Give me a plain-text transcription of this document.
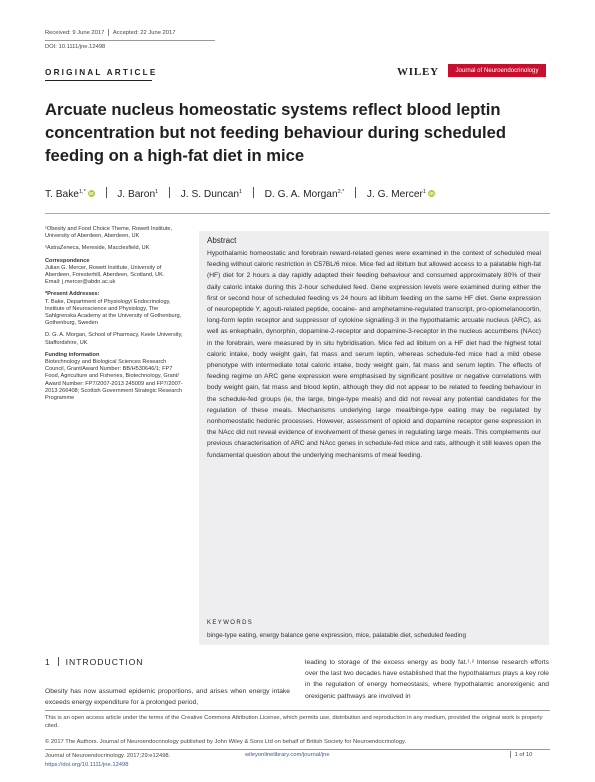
Received: 9 June 2017 Accepted: 22 June 2017
DOI: 10.1111/jne.12498
ORIGINAL ARTICLE	WILEY	Journal of Neuroendocrinology
Arcuate nucleus homeostatic systems reflect blood leptin concentration but not feeding behaviour during scheduled feeding on a high-fat diet in mice
T. Bake$^{1,*}$ iD J. Baron$^1$ J. S. Duncan$^1$ D. G. A. Morgan$^{2,*}$ J. G. Mercer$^1$ iD

¹Obesity and Food Choice Theme, Rowett Institute, University of Aberdeen, Aberdeen, UK

²AstraZeneca, Mereside, Macclesfield, UK

Correspondence

Julian G. Mercer, Rowett Institute, University of Aberdeen, Foresterhill, Aberdeen, Scotland, UK.

Email: j.mercer@abdn.ac.uk

*Present Addresses:

T. Bake, Department of Physiology/ Endocrinology, Institute of Neuroscience and Physiology, The Sahlgrenska Academy at the University of Gothenburg, Gothenburg, Sweden

D. G. A. Morgan, School of Pharmacy, Keele University, Staffordshire, UK

Funding information

Biotechnology and Biological Sciences Research Council, Grant/Award Number: BB/H530646/1; FP7 Food, Agriculture and Fisheries, Biotechnology, Grant/ Award Number: FP7/2007-2013 245009 and FP7/2007-2013 266408; Scottish Government Strategic Research Programme

Abstract
Hypothalamic homeostatic and forebrain reward-related genes were examined in the context of scheduled meal feeding without caloric restriction in C57BL/6 mice. Mice fed ad libitum but allowed access to a palatable high-fat (HF) diet for 2 hours a day rapidly adapted their feeding behaviour and consumed approximately 80% of their daily caloric intake during this 2-hour scheduled feed. Gene expression levels were examined during either the first or second hour of scheduled feeding vs 24 hours ad libitum feeding on the same HF diet. Gene expression of neuropeptide Y, agouti-related peptide, cocaine- and amphetamine-regulated transcript, pro-opiomelanocortin, long-form leptin receptor and suppressor of cytokine signalling-3 in the hypothalamic arcuate nucleus (ARC), as well as enkephalin, dynorphin, dopamine-2-receptor and dopamine-3-receptor in the nucleus accumbens (NAcc) in the forebrain, were measured by in situ hybridisation. Mice fed ad libitum on a HF diet had the highest total caloric intake, body weight gain, fat mass and serum leptin, whereas schedule-fed mice had a mild obese phenotype with intermediate total caloric intake, body weight gain, fat mass and serum leptin. The effects of feeding regime on ARC gene expression were emphasised by significant positive or negative correlations with body weight gain, fat mass and blood leptin, although they did not appear to be related to feeding behaviour in the schedule-fed groups (ie, the large, binge-type meals) and did not reveal any potential candidates for the regulation of these meals. Mechanisms underlying large meal/binge-type eating may be regulated by nonhomeostatic hedonic processes. However, assessment of opioid and dopamine receptor gene expression in the NAcc did not reveal evidence of involvement of these genes in regulating large meals. This complements our previous characterisation of ARC and NAcc genes in schedule-fed mice and rats, although it still leaves open the fundamental question about the underlying mechanisms of meal feeding.
KEYWORDS
binge-type eating, energy balance gene expression, mice, palatable diet, scheduled feeding
1 INTRODUCTION
Obesity has now assumed epidemic proportions, and arises when energy intake exceeds energy expenditure for a prolonged period,
leading to storage of the excess energy as body fat.¹˒² Intense research efforts over the last two decades have established that the hypothalamus plays a key role in the regulation of energy homeostasis, where hypothalamic anorexigenic and orexigenic pathways are involved in
This is an open access article under the terms of the Creative Commons Attribution License, which permits use, distribution and reproduction in any medium, provided the original work is properly cited.
© 2017 The Authors. Journal of Neuroendocrinology published by John Wiley & Sons Ltd on behalf of British Society for Neuroendocrinology.
Journal of Neuroendocrinology. 2017;29:e12498.
https://doi.org/10.1111/jne.12498
wileyonlinelibrary.com/journal/jne	1 of 10
